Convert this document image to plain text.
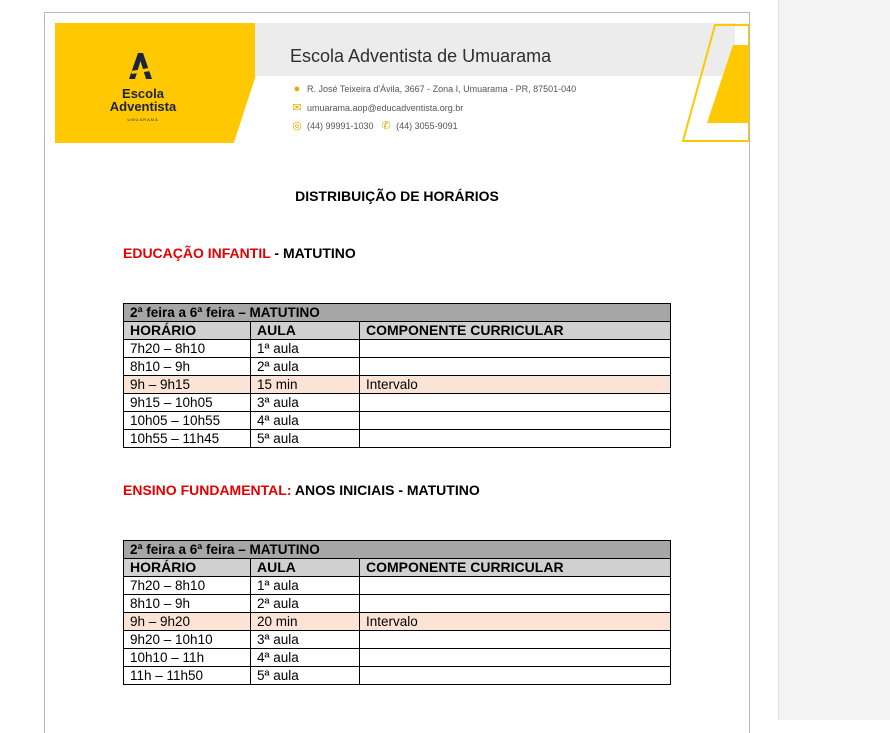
Escola
Adventista
UMUARAMA
Escola Adventista de Umuarama
● R. José Teixeira d'Ávila, 3667 - Zona I, Umuarama - PR, 87501-040
✉ umuarama.aop@educadventista.org.br
◎ (44) 99991-1030 ✆ (44) 3055-9091
DISTRIBUIÇÃO DE HORÁRIOS
EDUCAÇÃO INFANTIL - MATUTINO
2ª feira a 6ª feira – MATUTINO		
HORÁRIO	AULA	COMPONENTE CURRICULAR
7h20 – 8h10	1ª aula	
8h10 – 9h	2ª aula	
9h – 9h15	15 min	Intervalo
9h15 – 10h05	3ª aula	
10h05 – 10h55	4ª aula	
10h55 – 11h45	5ª aula	
ENSINO FUNDAMENTAL: ANOS INICIAIS - MATUTINO
2ª feira a 6ª feira – MATUTINO		
HORÁRIO	AULA	COMPONENTE CURRICULAR
7h20 – 8h10	1ª aula	
8h10 – 9h	2ª aula	
9h – 9h20	20 min	Intervalo
9h20 – 10h10	3ª aula	
10h10 – 11h	4ª aula	
11h – 11h50	5ª aula	
